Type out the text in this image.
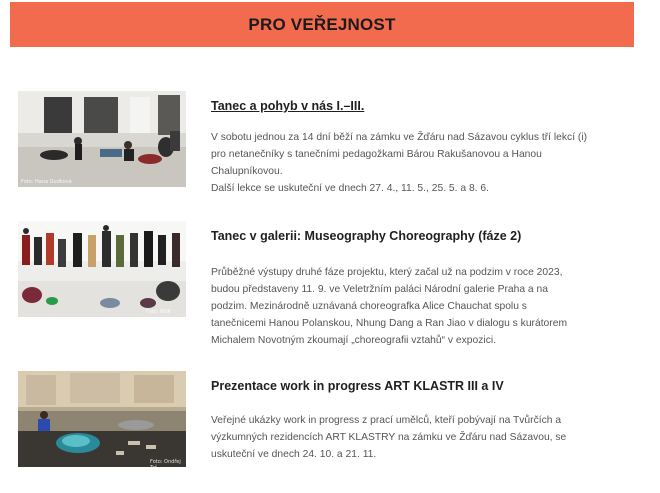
PRO VEŘEJNOST
Foto: Hana Dudková

Tanec a pohyb v nás I.–III.

V sobotu jednou za 14 dní běží na zámku ve Žďáru nad Sázavou cyklus tří lekcí (i)

pro netanečníky s tanečními pedagožkami Bárou Rakušanovou a Hanou

Chalupníkovou.

Další lekce se uskuteční ve dnech 27. 4., 11. 5., 25. 5. a 8. 6.

Foto: NGP

Tanec v galerii: Museography Choreography (fáze 2)

Průběžné výstupy druhé fáze projektu, který začal už na podzim v roce 2023,

budou představeny 11. 9. ve Veletržním paláci Národní galerie Praha a na

podzim. Mezinárodně uznávaná choreografka Alice Chauchat spolu s

tanečnicemi Hanou Polanskou, Nhung Dang a Ran Jiao v dialogu s kurátorem

Michalem Novotným zkoumají „choreografii vztahů“ v expozici.

Foto: Ondřej Trč

Prezentace work in progress ART KLASTR III a IV

Veřejné ukázky work in progress z prací umělců, kteří pobývají na Tvůrčích a

výzkumných rezidencích ART KLASTRY na zámku ve Žďáru nad Sázavou, se

uskuteční ve dnech 24. 10. a 21. 11.
